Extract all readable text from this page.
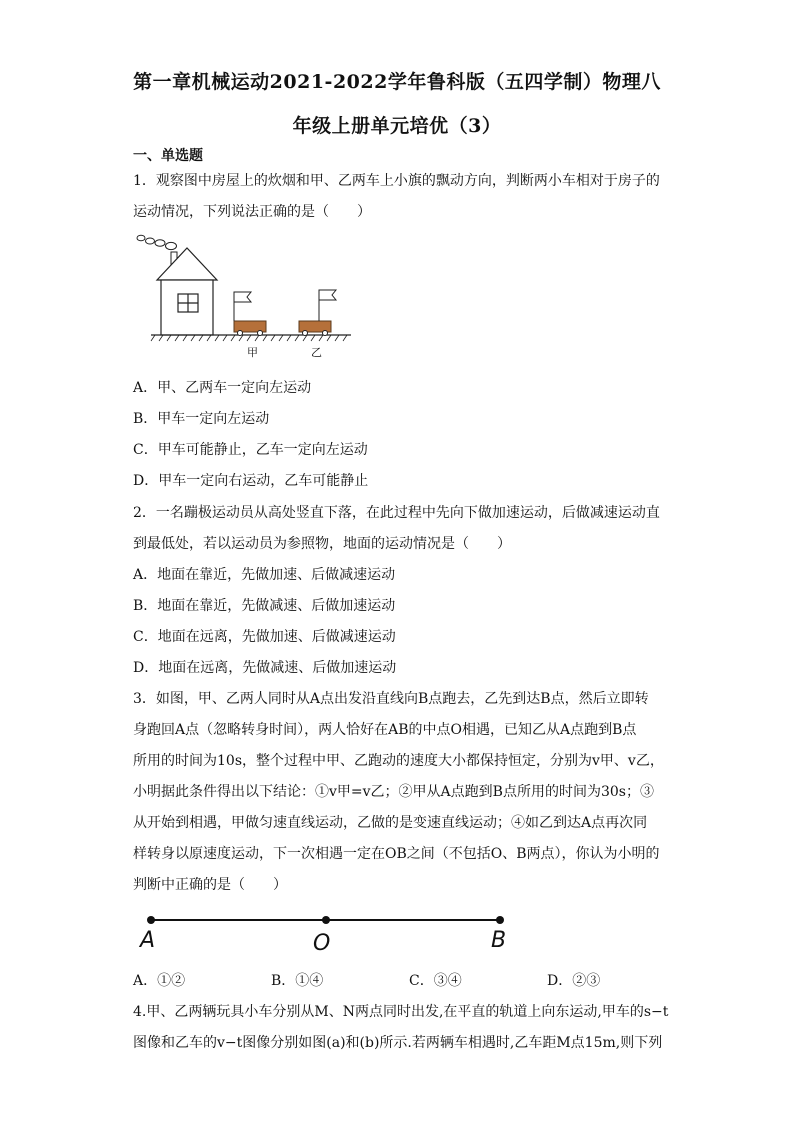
第一章机械运动2021-2022学年鲁科版（五四学制）物理八
年级上册单元培优（3）
一、单选题
1．观察图中房屋上的炊烟和甲、乙两车上小旗的飘动方向，判断两小车相对于房子的
运动情况，下列说法正确的是（　　）
甲	乙
A．甲、乙两车一定向左运动
B．甲车一定向左运动
C．甲车可能静止，乙车一定向左运动
D．甲车一定向右运动，乙车可能静止
2．一名蹦极运动员从高处竖直下落，在此过程中先向下做加速运动，后做减速运动直
到最低处，若以运动员为参照物，地面的运动情况是（　　）
A．地面在靠近，先做加速、后做减速运动
B．地面在靠近，先做减速、后做加速运动
C．地面在远离，先做加速、后做减速运动
D．地面在远离，先做减速、后做加速运动
3．如图，甲、乙两人同时从A点出发沿直线向B点跑去，乙先到达B点，然后立即转
身跑回A点（忽略转身时间），两人恰好在AB的中点O相遇，已知乙从A点跑到B点
所用的时间为10s，整个过程中甲、乙跑动的速度大小都保持恒定，分别为v甲、v乙，
小明据此条件得出以下结论：①v甲=v乙；②甲从A点跑到B点所用的时间为30s；③
从开始到相遇，甲做匀速直线运动，乙做的是变速直线运动；④如乙到达A点再次同
样转身以原速度运动，下一次相遇一定在OB之间（不包括O、B两点），你认为小明的
判断中正确的是（　　）
A	O	B
A．①②	B．①④	C．③④	D．②③
4.甲、乙两辆玩具小车分别从M、N两点同时出发,在平直的轨道上向东运动,甲车的s−t
图像和乙车的v−t图像分别如图(a)和(b)所示.若两辆车相遇时,乙车距M点15m,则下列
